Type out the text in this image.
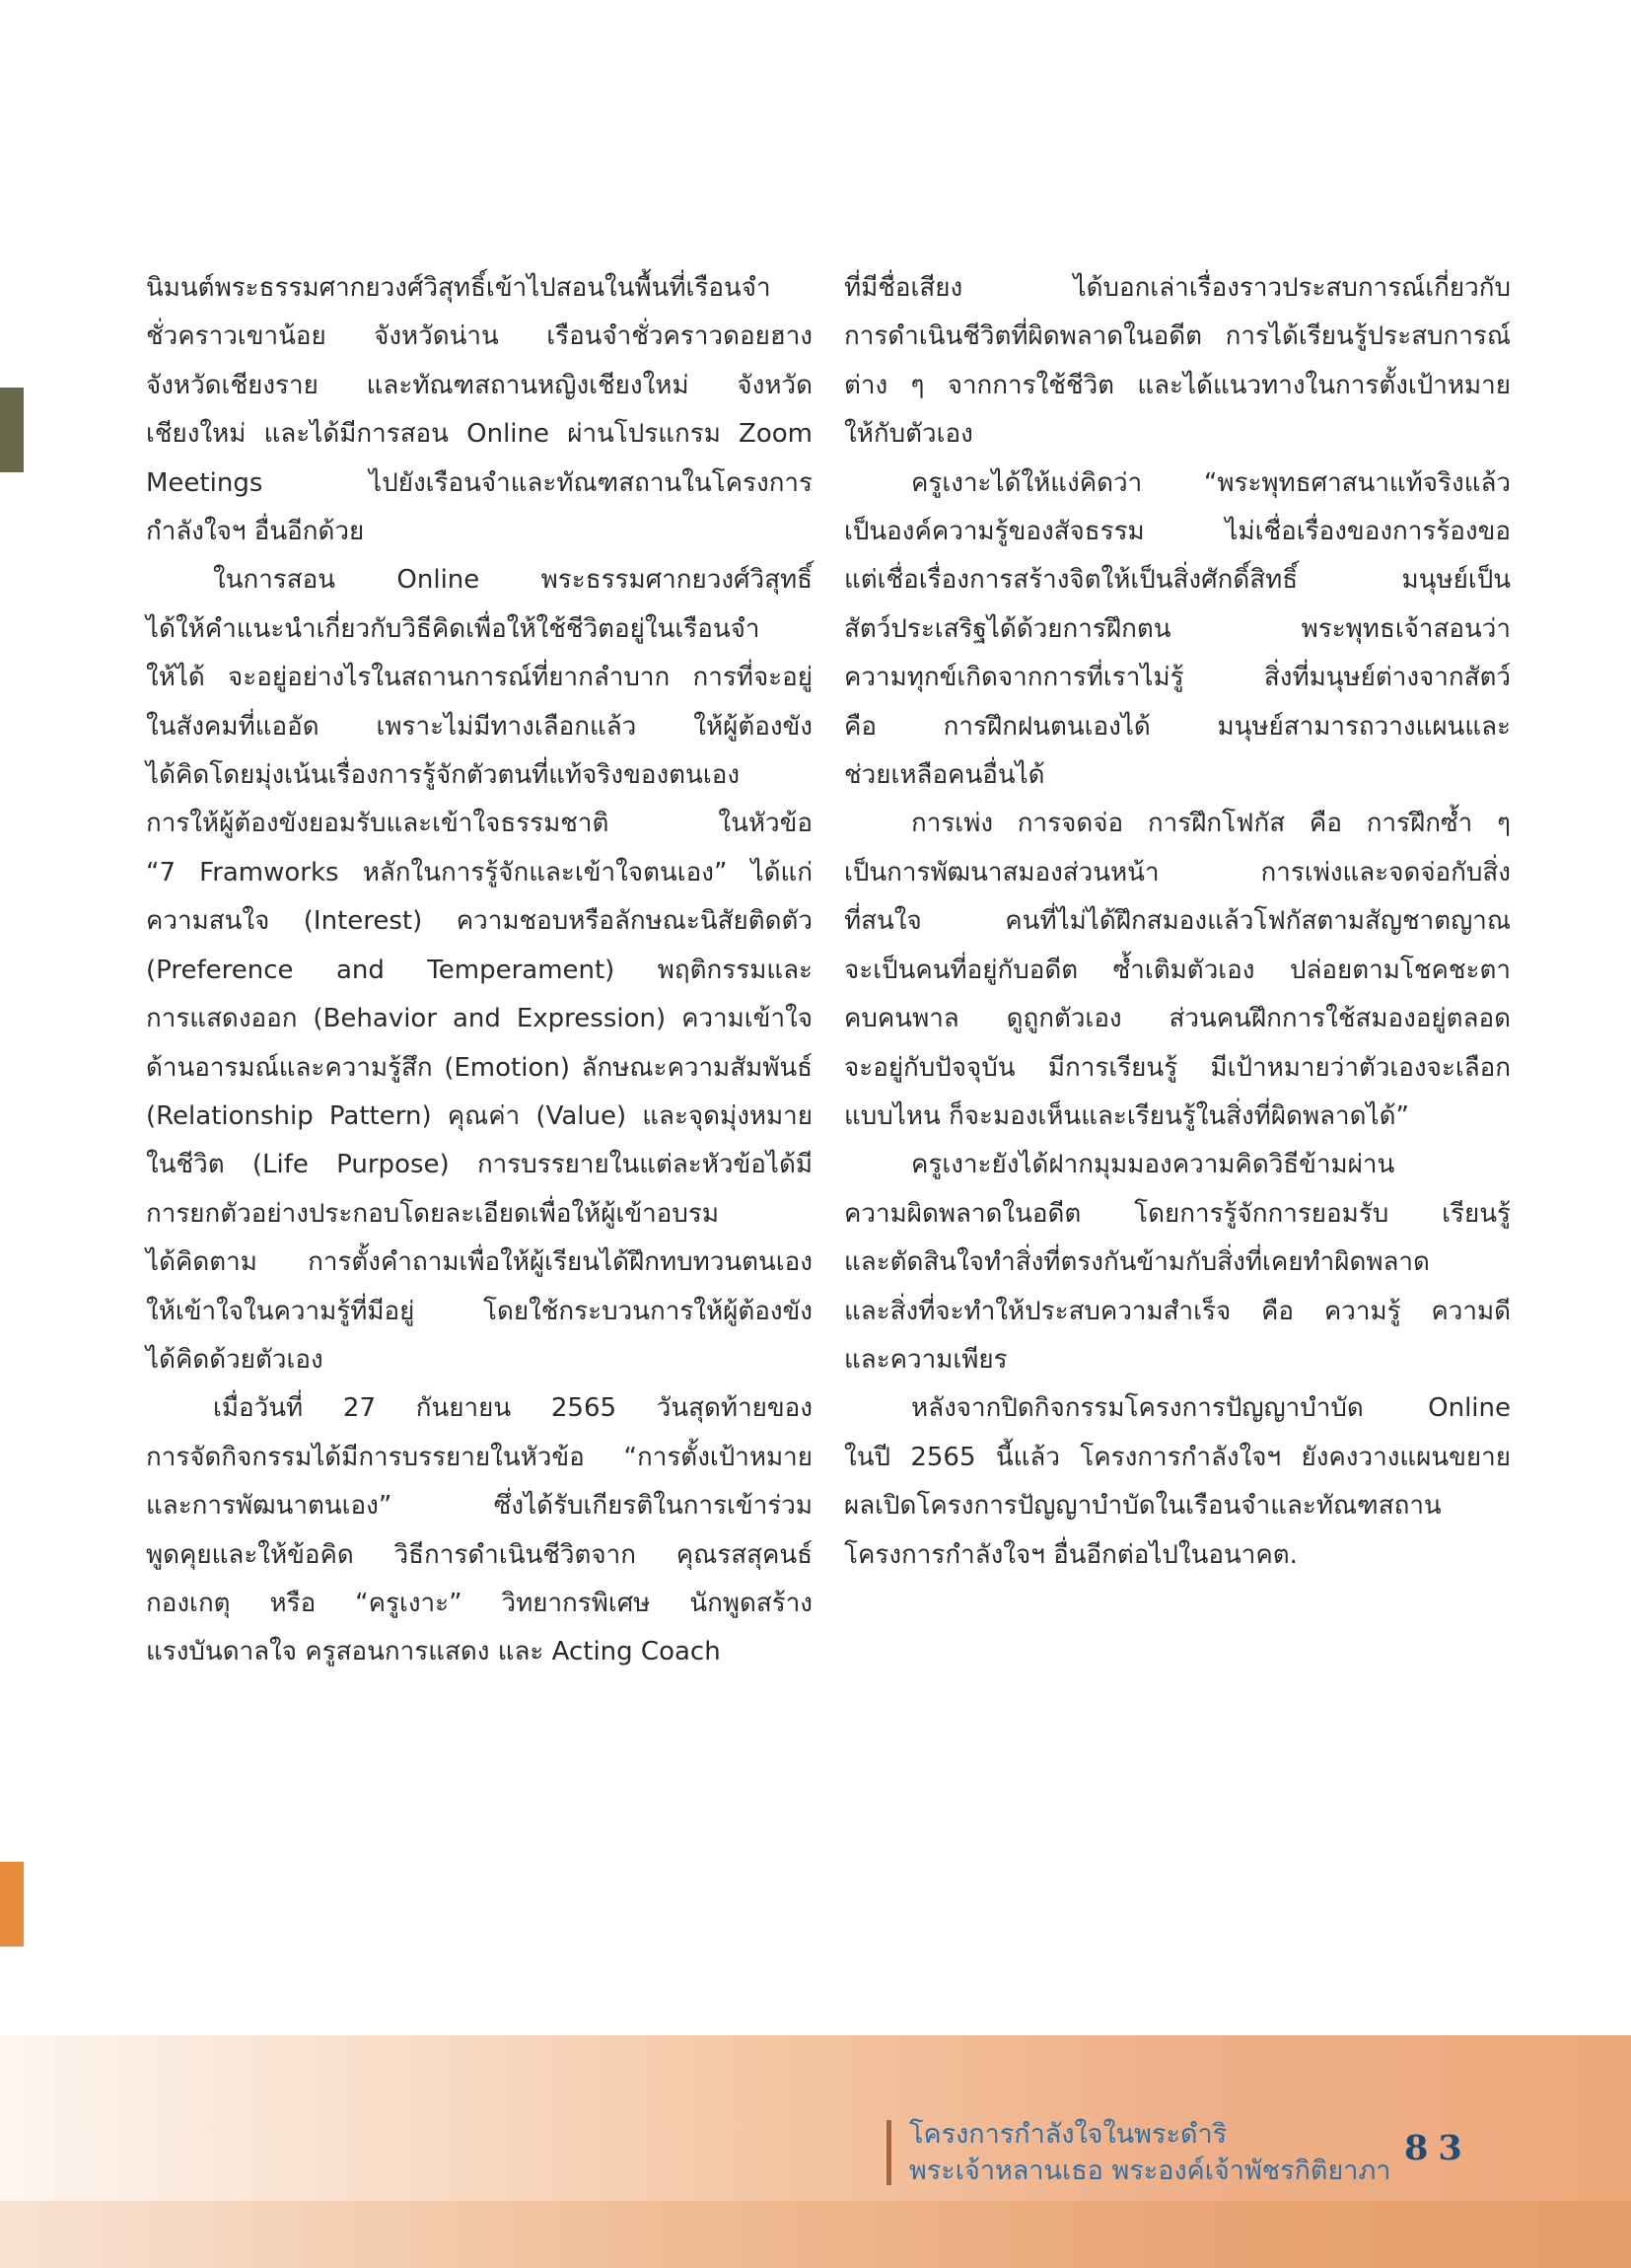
นิมนต์พระธรรมศากยวงศ์วิสุทธิ์เข้าไปสอนในพื้นที่เรือนจำ
ชั่วคราวเขาน้อย จังหวัดน่าน เรือนจำชั่วคราวดอยฮาง
จังหวัดเชียงราย และทัณฑสถานหญิงเชียงใหม่ จังหวัด
เชียงใหม่ และได้มีการสอน Online ผ่านโปรแกรม Zoom
Meetings ไปยังเรือนจำและทัณฑสถานในโครงการ
กำลังใจฯ อื่นอีกด้วย
ในการสอน Online พระธรรมศากยวงศ์วิสุทธิ์
ได้ให้คำแนะนำเกี่ยวกับวิธีคิดเพื่อให้ใช้ชีวิตอยู่ในเรือนจำ
ให้ได้ จะอยู่อย่างไรในสถานการณ์ที่ยากลำบาก การที่จะอยู่
ในสังคมที่แออัด เพราะไม่มีทางเลือกแล้ว ให้ผู้ต้องขัง
ได้คิดโดยมุ่งเน้นเรื่องการรู้จักตัวตนที่แท้จริงของตนเอง
การให้ผู้ต้องขังยอมรับและเข้าใจธรรมชาติ ในหัวข้อ
“7 Framworks หลักในการรู้จักและเข้าใจตนเอง” ได้แก่
ความสนใจ (Interest) ความชอบหรือลักษณะนิสัยติดตัว
(Preference and Temperament) พฤติกรรมและ
การแสดงออก (Behavior and Expression) ความเข้าใจ
ด้านอารมณ์และความรู้สึก (Emotion) ลักษณะความสัมพันธ์
(Relationship Pattern) คุณค่า (Value) และจุดมุ่งหมาย
ในชีวิต (Life Purpose) การบรรยายในแต่ละหัวข้อได้มี
การยกตัวอย่างประกอบโดยละเอียดเพื่อให้ผู้เข้าอบรม
ได้คิดตาม การตั้งคำถามเพื่อให้ผู้เรียนได้ฝึกทบทวนตนเอง
ให้เข้าใจในความรู้ที่มีอยู่ โดยใช้กระบวนการให้ผู้ต้องขัง
ได้คิดด้วยตัวเอง
เมื่อวันที่ 27 กันยายน 2565 วันสุดท้ายของ
การจัดกิจกรรมได้มีการบรรยายในหัวข้อ “การตั้งเป้าหมาย
และการพัฒนาตนเอง” ซึ่งได้รับเกียรติในการเข้าร่วม
พูดคุยและให้ข้อคิด วิธีการดำเนินชีวิตจาก คุณรสสุคนธ์
กองเกตุ หรือ “ครูเงาะ” วิทยากรพิเศษ นักพูดสร้าง
แรงบันดาลใจ ครูสอนการแสดง และ Acting Coach
ที่มีชื่อเสียง ได้บอกเล่าเรื่องราวประสบการณ์เกี่ยวกับ
การดำเนินชีวิตที่ผิดพลาดในอดีต การได้เรียนรู้ประสบการณ์
ต่าง ๆ จากการใช้ชีวิต และได้แนวทางในการตั้งเป้าหมาย
ให้กับตัวเอง
ครูเงาะได้ให้แง่คิดว่า “พระพุทธศาสนาแท้จริงแล้ว
เป็นองค์ความรู้ของสัจธรรม ไม่เชื่อเรื่องของการร้องขอ
แต่เชื่อเรื่องการสร้างจิตให้เป็นสิ่งศักดิ์สิทธิ์ มนุษย์เป็น
สัตว์ประเสริฐได้ด้วยการฝึกตน พระพุทธเจ้าสอนว่า
ความทุกข์เกิดจากการที่เราไม่รู้ สิ่งที่มนุษย์ต่างจากสัตว์
คือ การฝึกฝนตนเองได้ มนุษย์สามารถวางแผนและ
ช่วยเหลือคนอื่นได้
การเพ่ง การจดจ่อ การฝึกโฟกัส คือ การฝึกซ้ำ ๆ
เป็นการพัฒนาสมองส่วนหน้า การเพ่งและจดจ่อกับสิ่ง
ที่สนใจ คนที่ไม่ได้ฝึกสมองแล้วโฟกัสตามสัญชาตญาณ
จะเป็นคนที่อยู่กับอดีต ซ้ำเติมตัวเอง ปล่อยตามโชคชะตา
คบคนพาล ดูถูกตัวเอง ส่วนคนฝึกการใช้สมองอยู่ตลอด
จะอยู่กับปัจจุบัน มีการเรียนรู้ มีเป้าหมายว่าตัวเองจะเลือก
แบบไหน ก็จะมองเห็นและเรียนรู้ในสิ่งที่ผิดพลาดได้”
ครูเงาะยังได้ฝากมุมมองความคิดวิธีข้ามผ่าน
ความผิดพลาดในอดีต โดยการรู้จักการยอมรับ เรียนรู้
และตัดสินใจทำสิ่งที่ตรงกันข้ามกับสิ่งที่เคยทำผิดพลาด
และสิ่งที่จะทำให้ประสบความสำเร็จ คือ ความรู้ ความดี
และความเพียร
หลังจากปิดกิจกรรมโครงการปัญญาบำบัด Online
ในปี 2565 นี้แล้ว โครงการกำลังใจฯ ยังคงวางแผนขยาย
ผลเปิดโครงการปัญญาบำบัดในเรือนจำและทัณฑสถาน
โครงการกำลังใจฯ อื่นอีกต่อไปในอนาคต.
โครงการกำลังใจในพระดำริ
พระเจ้าหลานเธอ พระองค์เจ้าพัชรกิติยาภา
83
